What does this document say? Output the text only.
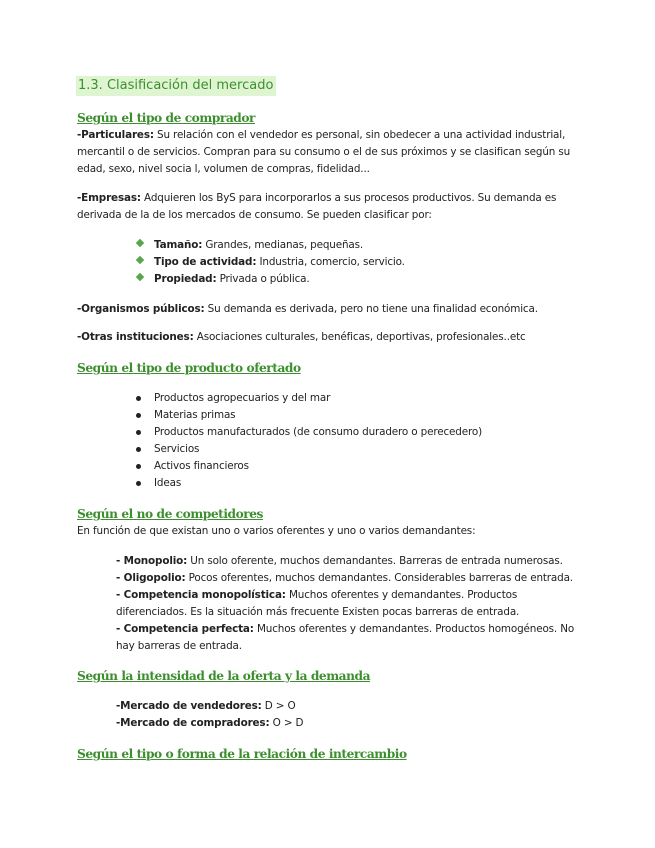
1.3. Clasificación del mercado
Según el tipo de comprador
-Particulares: Su relación con el vendedor es personal, sin obedecer a una actividad industrial, mercantil o de servicios. Compran para su consumo o el de sus próximos y se clasifican según su edad, sexo, nivel socia l, volumen de compras, fidelidad...
-Empresas: Adquieren los ByS para incorporarlos a sus procesos productivos. Su demanda es derivada de la de los mercados de consumo. Se pueden clasificar por:
Tamaño: Grandes, medianas, pequeñas.
Tipo de actividad: Industria, comercio, servicio.
Propiedad: Privada o pública.
-Organismos públicos: Su demanda es derivada, pero no tiene una finalidad económica.
-Otras instituciones: Asociaciones culturales, benéficas, deportivas, profesionales..etc
Según el tipo de producto ofertado
Productos agropecuarios y del mar
Materias primas
Productos manufacturados (de consumo duradero o perecedero)
Servicios
Activos financieros
Ideas
Según el no de competidores
En función de que existan uno o varios oferentes y uno o varios demandantes:
- Monopolio: Un solo oferente, muchos demandantes. Barreras de entrada numerosas.
- Oligopolio: Pocos oferentes, muchos demandantes. Considerables barreras de entrada.
- Competencia monopolística: Muchos oferentes y demandantes. Productos diferenciados. Es la situación más frecuente Existen pocas barreras de entrada.
- Competencia perfecta: Muchos oferentes y demandantes. Productos homogéneos. No hay barreras de entrada.
Según la intensidad de la oferta y la demanda
-Mercado de vendedores: D > O
-Mercado de compradores: O > D
Según el tipo o forma de la relación de intercambio
